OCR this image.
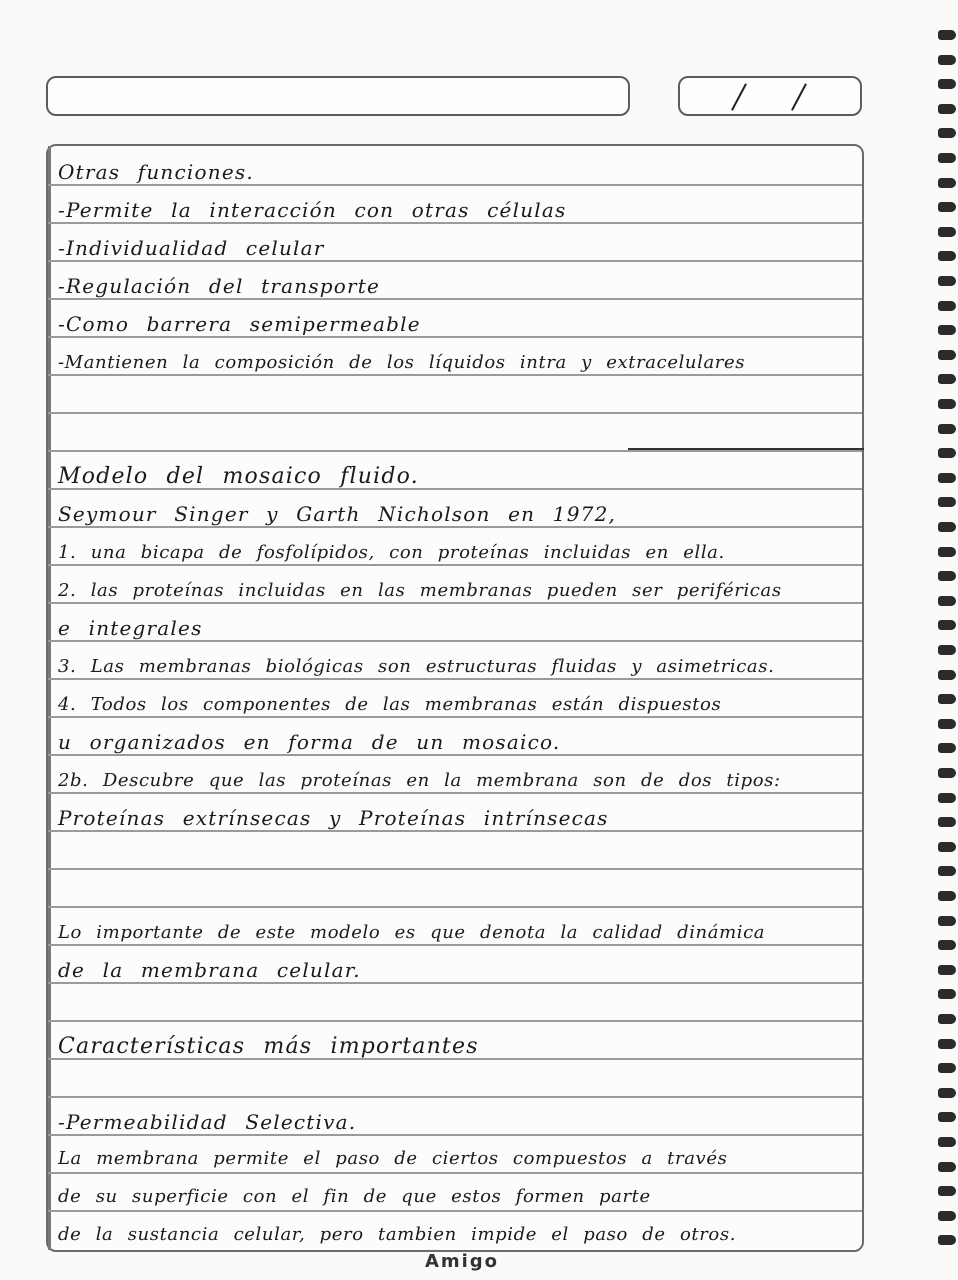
Otras funciones.
-Permite la interacción con otras células
-Individualidad celular
-Regulación del transporte
-Como barrera semipermeable
-Mantienen la composición de los líquidos intra y extracelulares
Modelo del mosaico fluido.
Seymour Singer y Garth Nicholson en 1972,
1. una bicapa de fosfolípidos, con proteínas incluidas en ella.
2. las proteínas incluidas en las membranas pueden ser periféricas
e integrales
3. Las membranas biológicas son estructuras fluidas y asimetricas.
4. Todos los componentes de las membranas están dispuestos
u organizados en forma de un mosaico.
2b. Descubre que las proteínas en la membrana son de dos tipos:
Proteínas extrínsecas y Proteínas intrínsecas
Lo importante de este modelo es que denota la calidad dinámica
de la membrana celular.
Características más importantes
-Permeabilidad Selectiva.
La membrana permite el paso de ciertos compuestos a través
de su superficie con el fin de que estos formen parte
de la sustancia celular, pero tambien impide el paso de otros.
Amigo
